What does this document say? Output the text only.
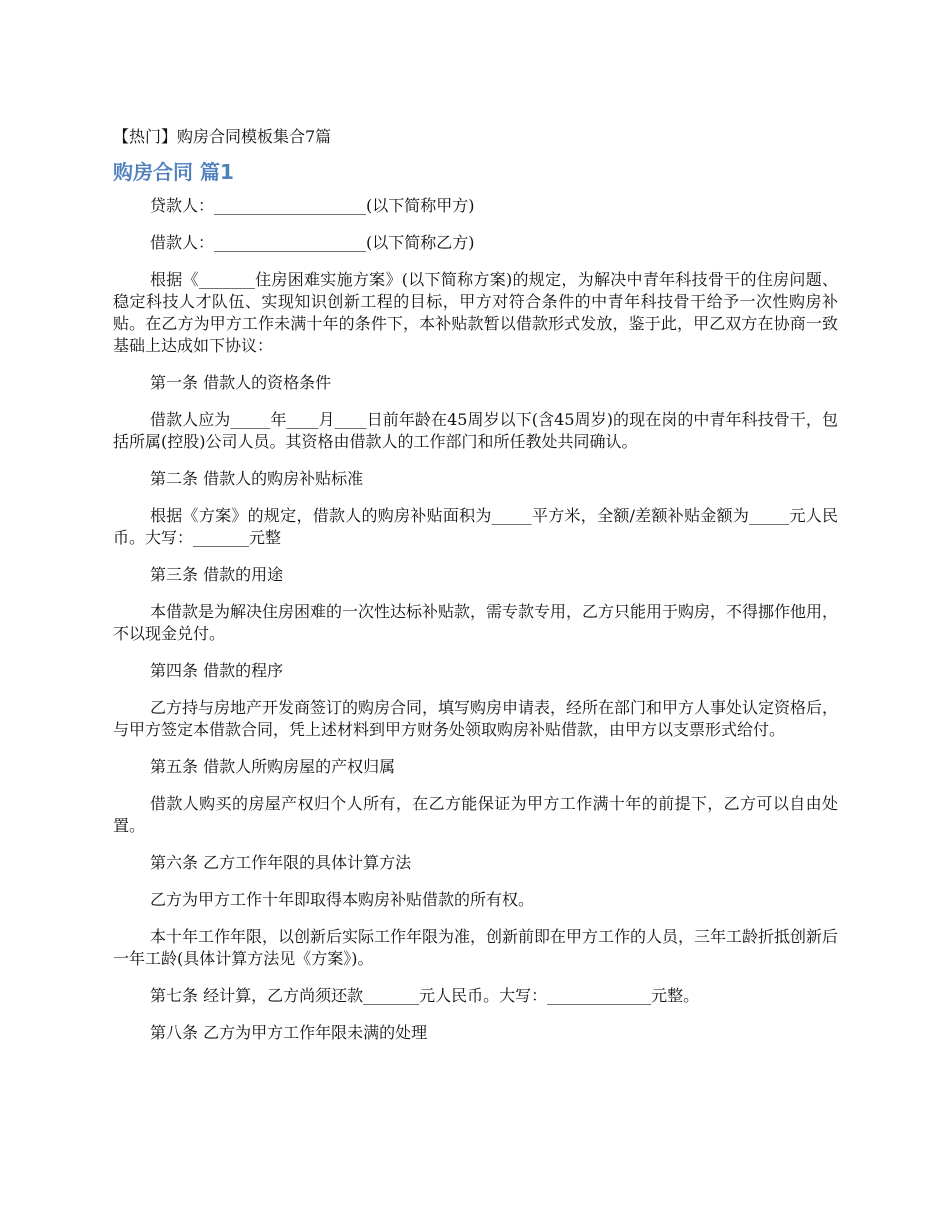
【热门】购房合同模板集合7篇
购房合同 篇1

贷款人：___________________(以下简称甲方)

借款人：___________________(以下简称乙方)

根据《_______住房困难实施方案》(以下简称方案)的规定，为解决中青年科技骨干的住房问题、稳定科技人才队伍、实现知识创新工程的目标，甲方对符合条件的中青年科技骨干给予一次性购房补贴。在乙方为甲方工作未满十年的条件下，本补贴款暂以借款形式发放，鉴于此，甲乙双方在协商一致基础上达成如下协议：

第一条 借款人的资格条件

借款人应为_____年____月____日前年龄在45周岁以下(含45周岁)的现在岗的中青年科技骨干，包括所属(控股)公司人员。其资格由借款人的工作部门和所任教处共同确认。

第二条 借款人的购房补贴标准

根据《方案》的规定，借款人的购房补贴面积为_____平方米，全额/差额补贴金额为_____元人民币。大写：_______元整

第三条 借款的用途

本借款是为解决住房困难的一次性达标补贴款，需专款专用，乙方只能用于购房，不得挪作他用，不以现金兑付。

第四条 借款的程序

乙方持与房地产开发商签订的购房合同，填写购房申请表，经所在部门和甲方人事处认定资格后，与甲方签定本借款合同，凭上述材料到甲方财务处领取购房补贴借款，由甲方以支票形式给付。

第五条 借款人所购房屋的产权归属

借款人购买的房屋产权归个人所有，在乙方能保证为甲方工作满十年的前提下，乙方可以自由处置。

第六条 乙方工作年限的具体计算方法

乙方为甲方工作十年即取得本购房补贴借款的所有权。

本十年工作年限，以创新后实际工作年限为准，创新前即在甲方工作的人员，三年工龄折抵创新后一年工龄(具体计算方法见《方案》)。

第七条 经计算，乙方尚须还款_______元人民币。大写：_____________元整。

第八条 乙方为甲方工作年限未满的处理
